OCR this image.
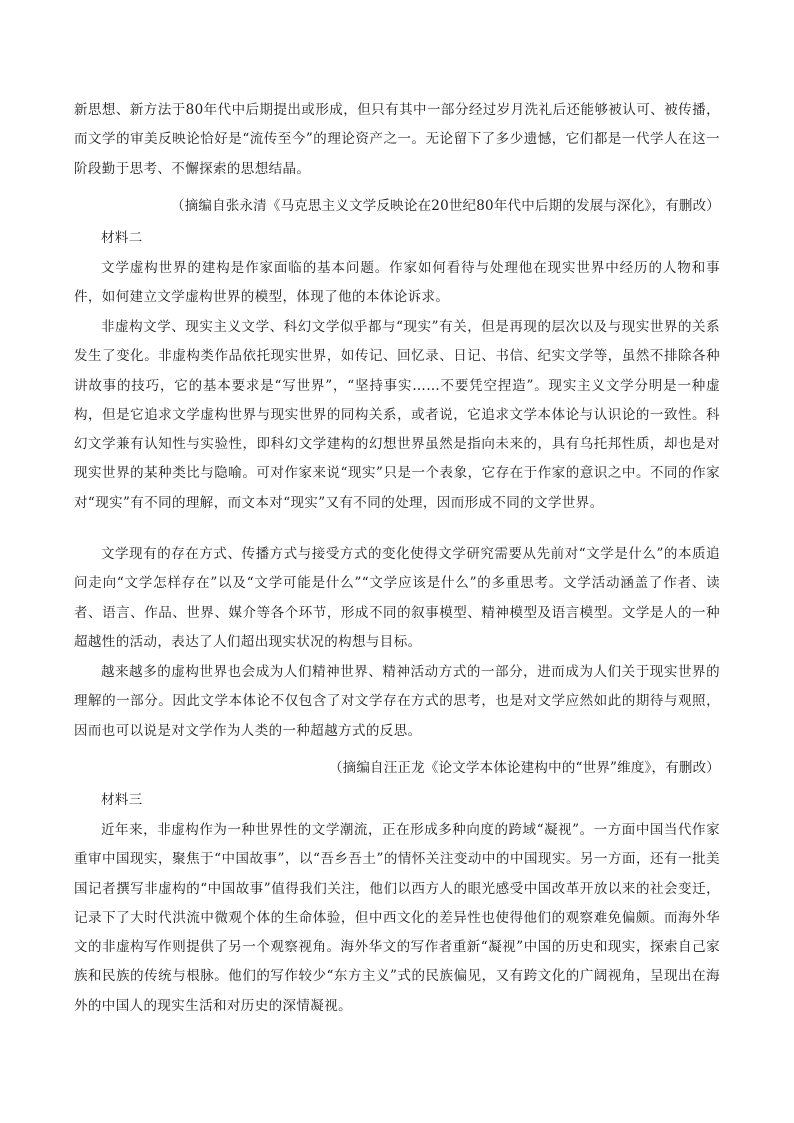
新思想、新方法于80年代中后期提出或形成，但只有其中一部分经过岁月洗礼后还能够被认可、被传播，而文学的审美反映论恰好是“流传至今”的理论资产之一。无论留下了多少遗憾，它们都是一代学人在这一阶段勤于思考、不懈探索的思想结晶。

（摘编自张永清《马克思主义文学反映论在20世纪80年代中后期的发展与深化》，有删改）

材料二

文学虚构世界的建构是作家面临的基本问题。作家如何看待与处理他在现实世界中经历的人物和事件，如何建立文学虚构世界的模型，体现了他的本体论诉求。

非虚构文学、现实主义文学、科幻文学似乎都与“现实”有关，但是再现的层次以及与现实世界的关系发生了变化。非虚构类作品依托现实世界，如传记、回忆录、日记、书信、纪实文学等，虽然不排除各种讲故事的技巧，它的基本要求是“写世界”，“坚持事实……不要凭空捏造”。现实主义文学分明是一种虚构，但是它追求文学虚构世界与现实世界的同构关系，或者说，它追求文学本体论与认识论的一致性。科幻文学兼有认知性与实验性，即科幻文学建构的幻想世界虽然是指向未来的，具有乌托邦性质，却也是对现实世界的某种类比与隐喻。可对作家来说“现实”只是一个表象，它存在于作家的意识之中。不同的作家对“现实”有不同的理解，而文本对“现实”又有不同的处理，因而形成不同的文学世界。

文学现有的存在方式、传播方式与接受方式的变化使得文学研究需要从先前对“文学是什么”的本质追问走向“文学怎样存在”以及“文学可能是什么”“文学应该是什么”的多重思考。文学活动涵盖了作者、读者、语言、作品、世界、媒介等各个环节，形成不同的叙事模型、精神模型及语言模型。文学是人的一种超越性的活动，表达了人们超出现实状况的构想与目标。

越来越多的虚构世界也会成为人们精神世界、精神活动方式的一部分，进而成为人们关于现实世界的理解的一部分。因此文学本体论不仅包含了对文学存在方式的思考，也是对文学应然如此的期待与观照，因而也可以说是对文学作为人类的一种超越方式的反思。

（摘编自汪正龙《论文学本体论建构中的“世界”维度》，有删改）

材料三

近年来，非虚构作为一种世界性的文学潮流，正在形成多种向度的跨域“凝视”。一方面中国当代作家重审中国现实，聚焦于“中国故事”，以“吾乡吾土”的情怀关注变动中的中国现实。另一方面，还有一批美国记者撰写非虚构的“中国故事”值得我们关注，他们以西方人的眼光感受中国改革开放以来的社会变迁，记录下了大时代洪流中微观个体的生命体验，但中西文化的差异性也使得他们的观察难免偏颇。而海外华文的非虚构写作则提供了另一个观察视角。海外华文的写作者重新“凝视”中国的历史和现实，探索自己家族和民族的传统与根脉。他们的写作较少“东方主义”式的民族偏见，又有跨文化的广阔视角，呈现出在海外的中国人的现实生活和对历史的深情凝视。
